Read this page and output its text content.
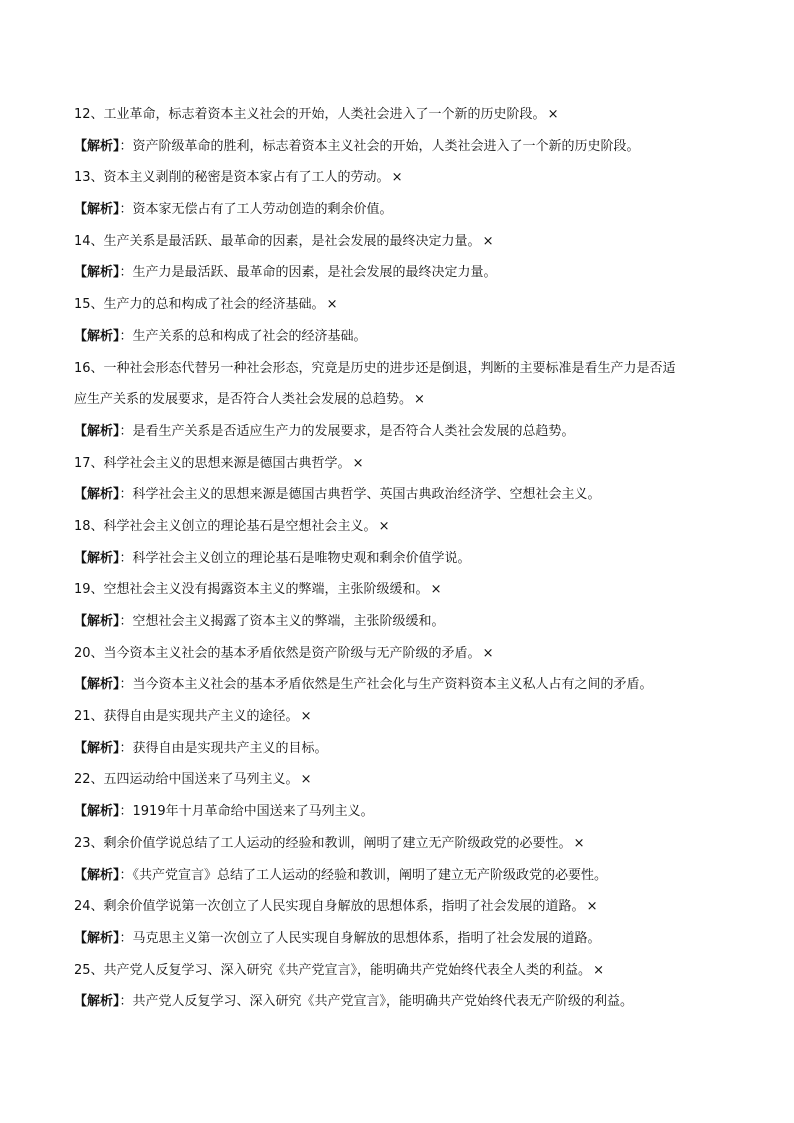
12、工业革命，标志着资本主义社会的开始，人类社会进入了一个新的历史阶段。 ×
【解析】：资产阶级革命的胜利，标志着资本主义社会的开始，人类社会进入了一个新的历史阶段。
13、资本主义剥削的秘密是资本家占有了工人的劳动。 ×
【解析】：资本家无偿占有了工人劳动创造的剩余价值。
14、生产关系是最活跃、最革命的因素，是社会发展的最终决定力量。 ×
【解析】：生产力是最活跃、最革命的因素，是社会发展的最终决定力量。
15、生产力的总和构成了社会的经济基础。 ×
【解析】：生产关系的总和构成了社会的经济基础。
16、一种社会形态代替另一种社会形态，究竟是历史的进步还是倒退，判断的主要标准是看生产力是否适
应生产关系的发展要求，是否符合人类社会发展的总趋势。 ×
【解析】：是看生产关系是否适应生产力的发展要求，是否符合人类社会发展的总趋势。
17、科学社会主义的思想来源是德国古典哲学。 ×
【解析】：科学社会主义的思想来源是德国古典哲学、英国古典政治经济学、空想社会主义。
18、科学社会主义创立的理论基石是空想社会主义。 ×
【解析】：科学社会主义创立的理论基石是唯物史观和剩余价值学说。
19、空想社会主义没有揭露资本主义的弊端，主张阶级缓和。 ×
【解析】：空想社会主义揭露了资本主义的弊端，主张阶级缓和。
20、当今资本主义社会的基本矛盾依然是资产阶级与无产阶级的矛盾。 ×
【解析】：当今资本主义社会的基本矛盾依然是生产社会化与生产资料资本主义私人占有之间的矛盾。
21、获得自由是实现共产主义的途径。 ×
【解析】：获得自由是实现共产主义的目标。
22、五四运动给中国送来了马列主义。 ×
【解析】：1919年十月革命给中国送来了马列主义。
23、剩余价值学说总结了工人运动的经验和教训，阐明了建立无产阶级政党的必要性。 ×
【解析】：《共产党宣言》总结了工人运动的经验和教训，阐明了建立无产阶级政党的必要性。
24、剩余价值学说第一次创立了人民实现自身解放的思想体系，指明了社会发展的道路。 ×
【解析】：马克思主义第一次创立了人民实现自身解放的思想体系，指明了社会发展的道路。
25、共产党人反复学习、深入研究《共产党宣言》，能明确共产党始终代表全人类的利益。 ×
【解析】：共产党人反复学习、深入研究《共产党宣言》，能明确共产党始终代表无产阶级的利益。
